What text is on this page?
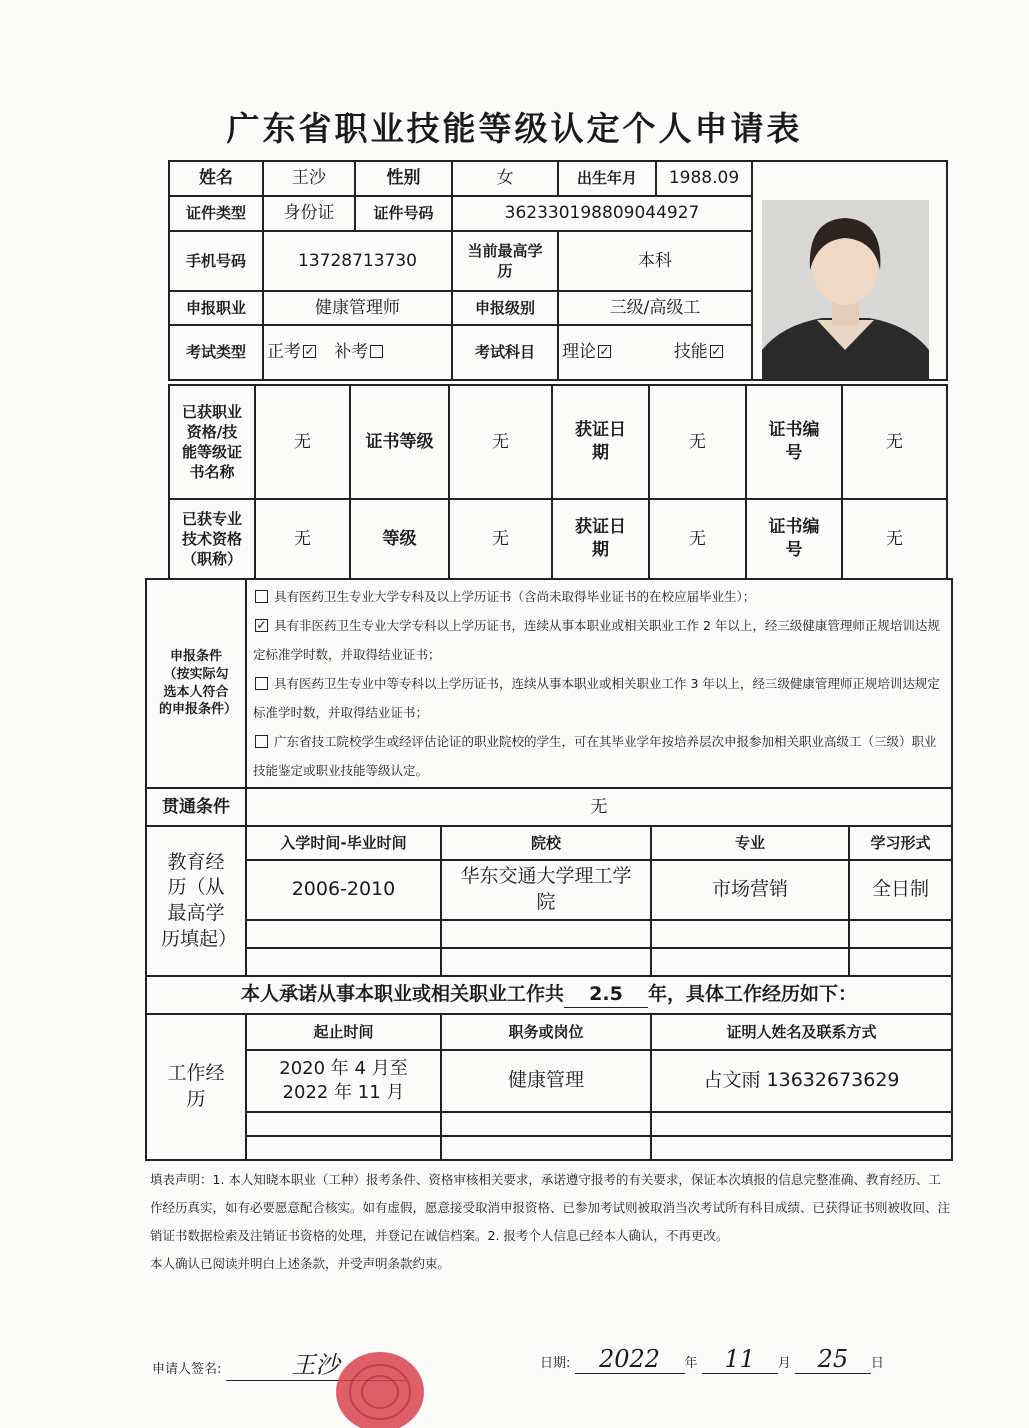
广东省职业技能等级认定个人申请表
姓名	王沙	性别	女	出生年月	1988.09	
证件类型	身份证	证件号码	362330198809044927			
手机号码	13728713730		当前最高学历	本科		
申报职业	健康管理师		申报级别	三级/高级工		
考试类型	正考 ✓ 补考		考试科目	理论 ✓ 技能 ✓		
已获职业资格/技能等级证书名称	无	证书等级	无	获证日期	无	证书编号	无
已获专业技术资格（职称）	无	等级	无	获证日期	无	证书编号	无
申报条件（按实际勾选本人符合的申报条件）	具有医药卫生专业大学专科及以上学历证书（含尚未取得毕业证书的在校应届毕业生）；
✓ 具有非医药卫生专业大学专科以上学历证书，连续从事本职业或相关职业工作 2 年以上，经三级健康管理师正规培训达规定标准学时数，并取得结业证书；
具有医药卫生专业中等专科以上学历证书，连续从事本职业或相关职业工作 3 年以上，经三级健康管理师正规培训达规定标准学时数，并取得结业证书；
广东省技工院校学生或经评估论证的职业院校的学生，可在其毕业学年按培养层次申报参加相关职业高级工（三级）职业技能鉴定或职业技能等级认定。			

贯通条件	无			
教育经历（从最高学历填起）	入学时间-毕业时间	院校	专业	学习形式
	2006-2010	华东交通大学理工学院	市场营销	全日制

本人承诺从事本职业或相关职业工作共 2.5 年，具体工作经历如下：				
工作经历	起止时间	职务或岗位	证明人姓名及联系方式	
	2020 年 4 月至 2022 年 11 月	健康管理	占文雨 13632673629	

填表声明：1. 本人知晓本职业（工种）报考条件、资格审核相关要求，承诺遵守报考的有关要求，保证本次填报的信息完整准确、教育经历、工作经历真实，如有必要愿意配合核实。如有虚假，愿意接受取消申报资格、已参加考试则被取消当次考试所有科目成绩、已获得证书则被收回、注销证书数据检索及注销证书资格的处理，并登记在诚信档案。2. 报考个人信息已经本人确认，不再更改。
本人确认已阅读并明白上述条款，并受声明条款约束。
申请人签名:	王沙	日期: 2022 年 11 月 25 日
